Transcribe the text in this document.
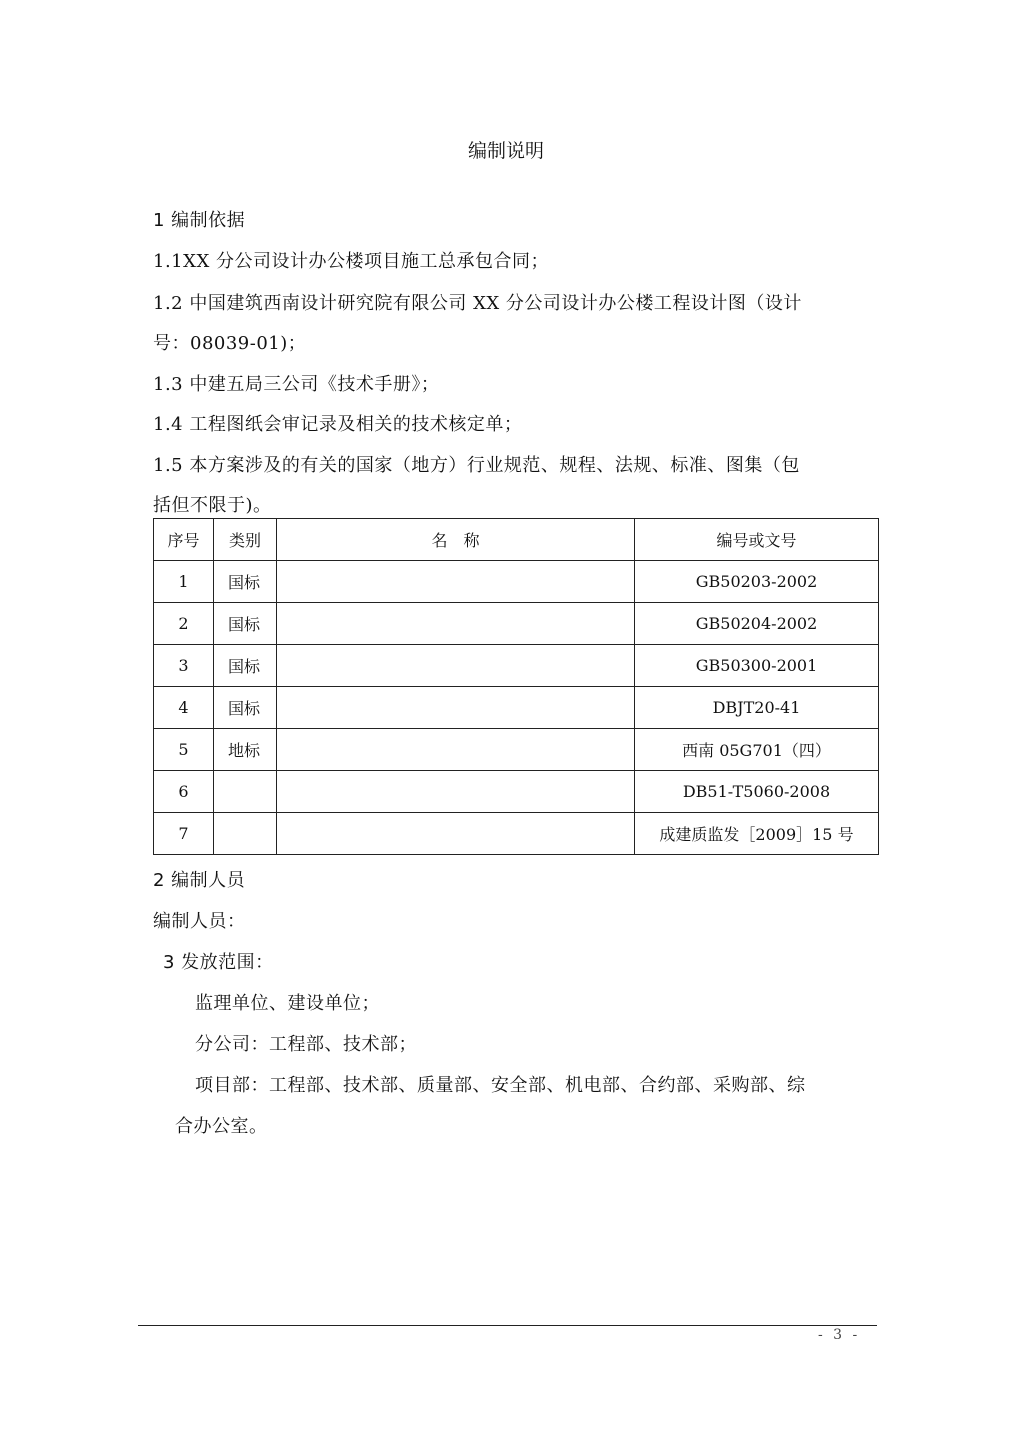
编制说明
1 编制依据
1.1XX 分公司设计办公楼项目施工总承包合同；
1.2 中国建筑西南设计研究院有限公司 XX 分公司设计办公楼工程设计图（设计
号：08039-01)；
1.3 中建五局三公司《技术手册》；
1.4 工程图纸会审记录及相关的技术核定单；
1.5 本方案涉及的有关的国家（地方）行业规范、规程、法规、标准、图集（包
括但不限于)。
序号	类别	名　称	编号或文号
1	国标		GB50203-2002
2	国标		GB50204-2002
3	国标		GB50300-2001
4	国标		DBJT20-41
5	地标		西南 05G701（四）
6			DB51-T5060-2008
7			成建质监发［2009］15 号
2 编制人员
编制人员：
3 发放范围：
监理单位、建设单位；
分公司：工程部、技术部；
项目部：工程部、技术部、质量部、安全部、机电部、合约部、采购部、综
合办公室。
- 3 -
